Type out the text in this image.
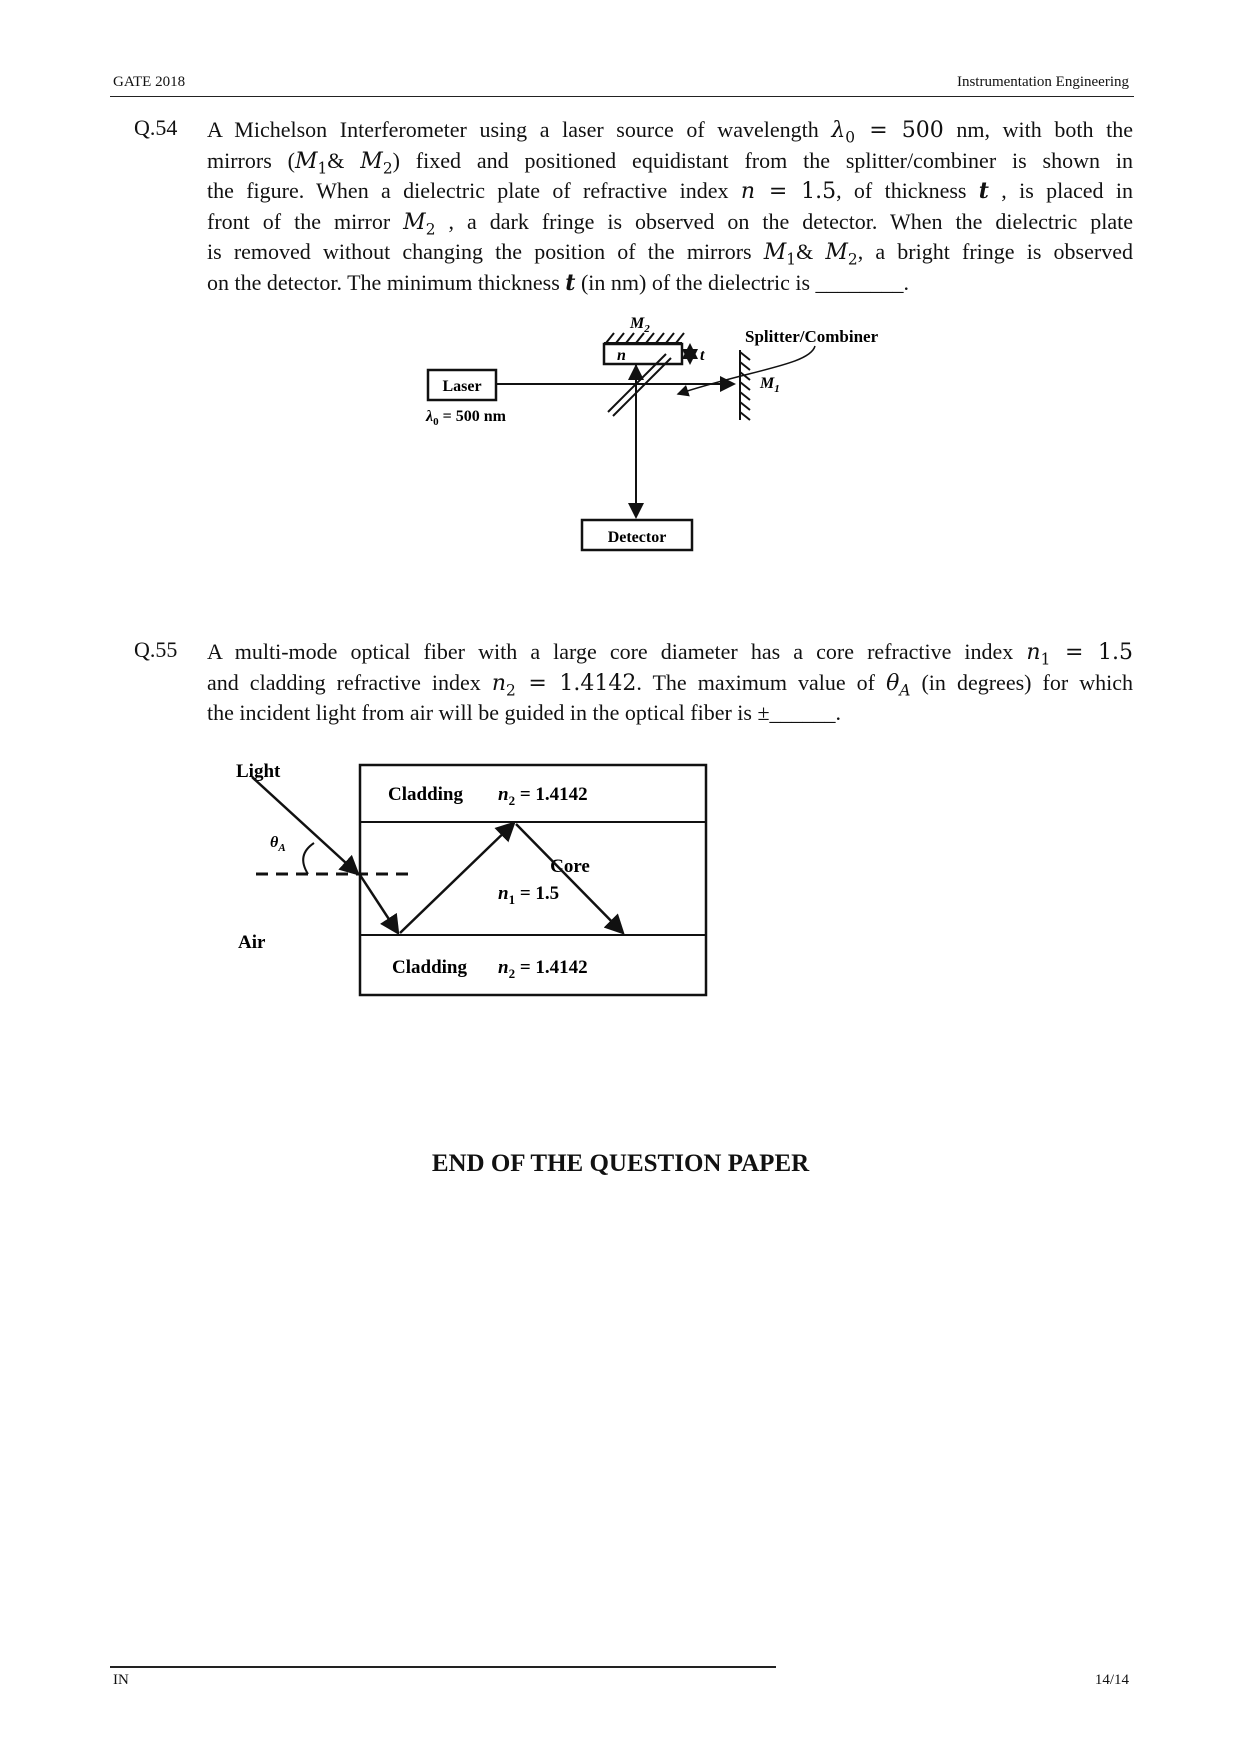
GATE 2018	Instrumentation Engineering
Q.54 A Michelson Interferometer using a laser source of wavelength $\lambda_0 = 500$ nm, with both the
mirrors ($M_1\&$ $M_2$) fixed and positioned equidistant from the splitter/combiner is shown in
the figure. When a dielectric plate of refractive index n = 1.5, of thickness t , is placed in
front of the mirror $M_2$ , a dark fringe is observed on the detector. When the dielectric plate
is removed without changing the position of the mirrors $M_1\&$ $M_2$, a bright fringe is observed
on the detector. The minimum thickness t (in nm) of the dielectric is ________.
$M_2$
n	t
Splitter/Combiner
$M_1$
Laser
$\lambda_0 = 500$ nm
Detector
Q.55 A multi-mode optical fiber with a large core diameter has a core refractive index $n_1 = 1.5$
and cladding refractive index $n_2 = 1.4142$. The maximum value of $\theta_A$ (in degrees) for which
the incident light from air will be guided in the optical fiber is ±______.
Cladding $n_2 = 1.4142$
Core
$n_1 = 1.5$
Cladding $n_2 = 1.4142$
Light
Air
$\theta_A$
END OF THE QUESTION PAPER
IN	14/14
